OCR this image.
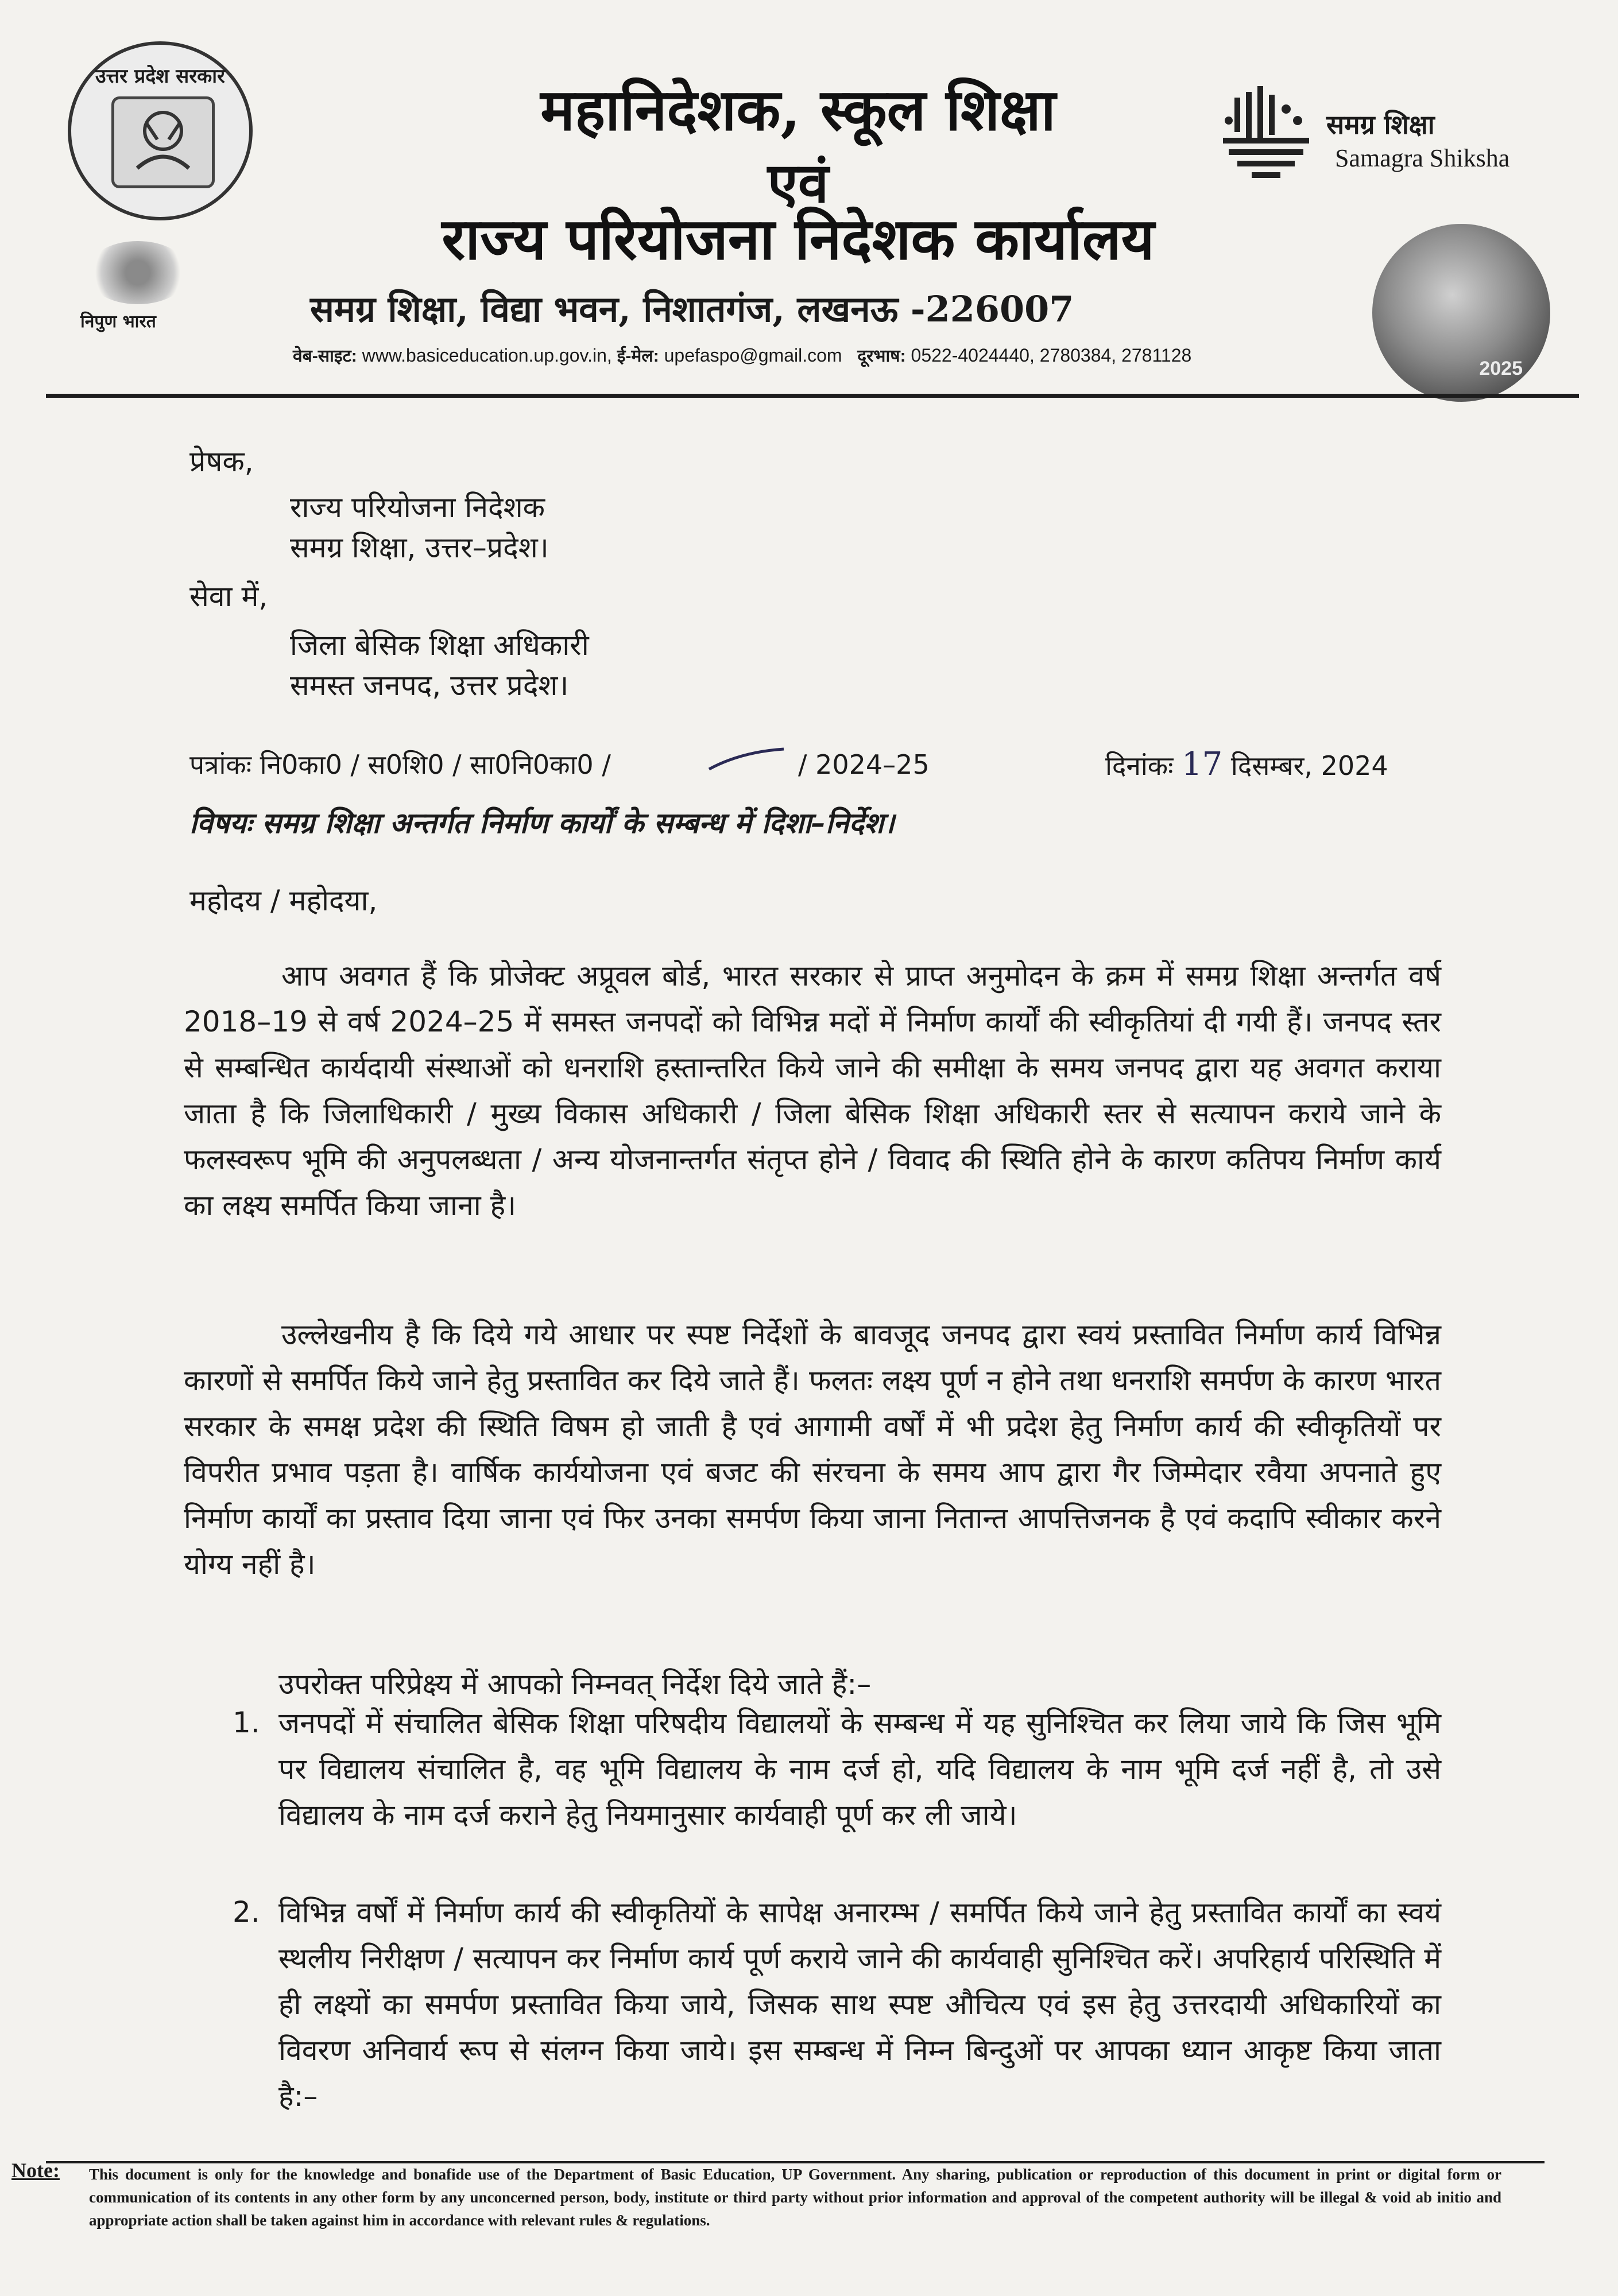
उत्तर प्रदेश सरकार
निपुण भारत
महानिदेशक, स्कूल शिक्षा
एवं
राज्य परियोजना निदेशक कार्यालय
समग्र शिक्षा, विद्या भवन, निशातगंज, लखनऊ -226007
वेब-साइट: www.basiceducation.up.gov.in, ई-मेल: upefaspo@gmail.com दूरभाष: 0522-4024440, 2780384, 2781128
समग्र शिक्षा
Samagra Shiksha
2025
प्रेषक,
राज्य परियोजना निदेशक
समग्र शिक्षा, उत्तर–प्रदेश।
सेवा में,
जिला बेसिक शिक्षा अधिकारी
समस्त जनपद, उत्तर प्रदेश।
पत्रांकः नि0का0 / स0शि0 / सा0नि0का0 /	/ 2024–25	दिनांकः 17 दिसम्बर, 2024
विषयः समग्र शिक्षा अन्तर्गत निर्माण कार्यों के सम्बन्ध में दिशा–निर्देश।
महोदय / महोदया,
आप अवगत हैं कि प्रोजेक्ट अप्रूवल बोर्ड, भारत सरकार से प्राप्त अनुमोदन के क्रम में समग्र शिक्षा अन्तर्गत वर्ष 2018–19 से वर्ष 2024–25 में समस्त जनपदों को विभिन्न मदों में निर्माण कार्यों की स्वीकृतियां दी गयी हैं। जनपद स्तर से सम्बन्धित कार्यदायी संस्थाओं को धनराशि हस्तान्तरित किये जाने की समीक्षा के समय जनपद द्वारा यह अवगत कराया जाता है कि जिलाधिकारी / मुख्य विकास अधिकारी / जिला बेसिक शिक्षा अधिकारी स्तर से सत्यापन कराये जाने के फलस्वरूप भूमि की अनुपलब्धता / अन्य योजनान्तर्गत संतृप्त होने / विवाद की स्थिति होने के कारण कतिपय निर्माण कार्य का लक्ष्य समर्पित किया जाना है।
उल्लेखनीय है कि दिये गये आधार पर स्पष्ट निर्देशों के बावजूद जनपद द्वारा स्वयं प्रस्तावित निर्माण कार्य विभिन्न कारणों से समर्पित किये जाने हेतु प्रस्तावित कर दिये जाते हैं। फलतः लक्ष्य पूर्ण न होने तथा धनराशि समर्पण के कारण भारत सरकार के समक्ष प्रदेश की स्थिति विषम हो जाती है एवं आगामी वर्षों में भी प्रदेश हेतु निर्माण कार्य की स्वीकृतियों पर विपरीत प्रभाव पड़ता है। वार्षिक कार्ययोजना एवं बजट की संरचना के समय आप द्वारा गैर जिम्मेदार रवैया अपनाते हुए निर्माण कार्यों का प्रस्ताव दिया जाना एवं फिर उनका समर्पण किया जाना नितान्त आपत्तिजनक है एवं कदापि स्वीकार करने योग्य नहीं है।
उपरोक्त परिप्रेक्ष्य में आपको निम्नवत् निर्देश दिये जाते हैं:–
1. जनपदों में संचालित बेसिक शिक्षा परिषदीय विद्यालयों के सम्बन्ध में यह सुनिश्चित कर लिया जाये कि जिस भूमि पर विद्यालय संचालित है, वह भूमि विद्यालय के नाम दर्ज हो, यदि विद्यालय के नाम भूमि दर्ज नहीं है, तो उसे विद्यालय के नाम दर्ज कराने हेतु नियमानुसार कार्यवाही पूर्ण कर ली जाये।
2. विभिन्न वर्षों में निर्माण कार्य की स्वीकृतियों के सापेक्ष अनारम्भ / समर्पित किये जाने हेतु प्रस्तावित कार्यों का स्वयं स्थलीय निरीक्षण / सत्यापन कर निर्माण कार्य पूर्ण कराये जाने की कार्यवाही सुनिश्चित करें। अपरिहार्य परिस्थिति में ही लक्ष्यों का समर्पण प्रस्तावित किया जाये, जिसक साथ स्पष्ट औचित्य एवं इस हेतु उत्तरदायी अधिकारियों का विवरण अनिवार्य रूप से संलग्न किया जाये। इस सम्बन्ध में निम्न बिन्दुओं पर आपका ध्यान आकृष्ट किया जाता है:–
Note: This document is only for the knowledge and bonafide use of the Department of Basic Education, UP Government. Any sharing, publication or reproduction of this document in print or digital form or communication of its contents in any other form by any unconcerned person, body, institute or third party without prior information and approval of the competent authority will be illegal & void ab initio and appropriate action shall be taken against him in accordance with relevant rules & regulations.
